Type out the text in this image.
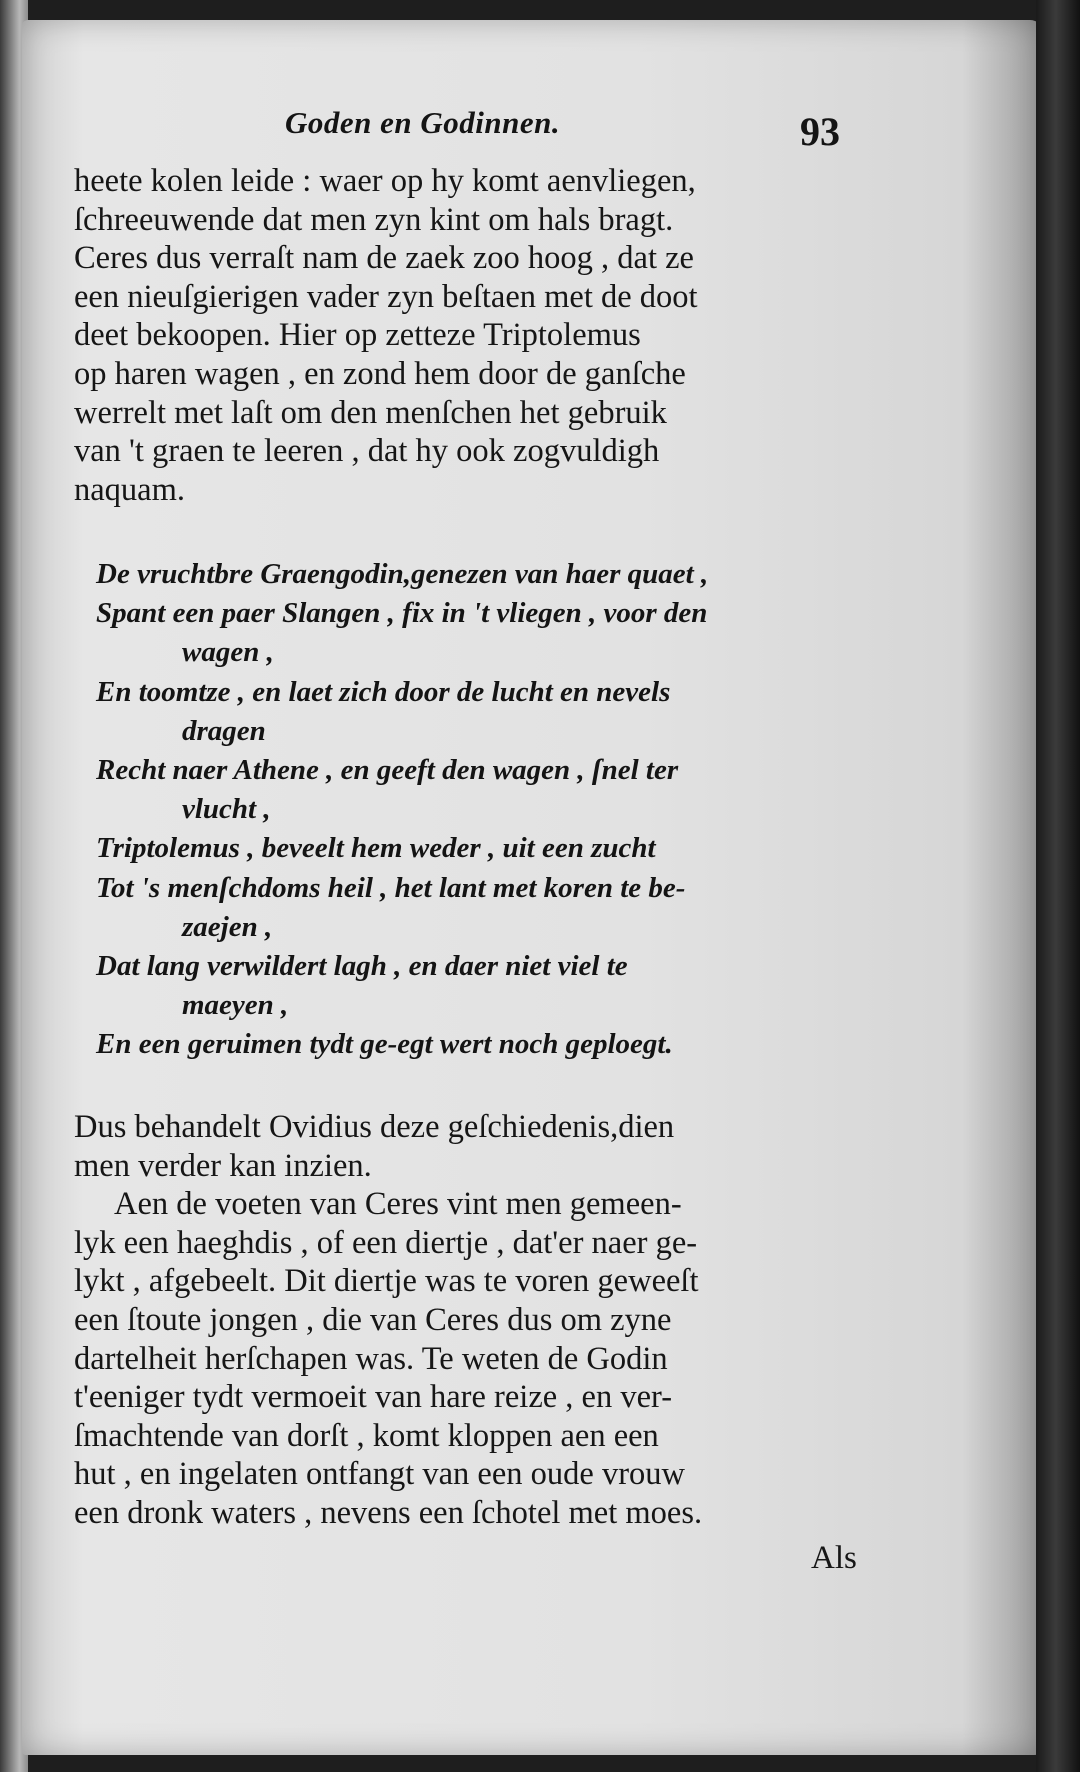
Goden en Godinnen.	93
heete kolen leide : waer op hy komt aenvliegen,
ſchreeuwende dat men zyn kint om hals bragt.
Ceres dus verraſt nam de zaek zoo hoog , dat ze
een nieuſgierigen vader zyn beſtaen met de doot
deet bekoopen. Hier op zetteze Triptolemus
op haren wagen , en zond hem door de ganſche
werrelt met laſt om den menſchen het gebruik
van 't graen te leeren , dat hy ook zogvuldigh
naquam.
De vruchtbre Graengodin,genezen van haer quaet ,
Spant een paer Slangen , fix in 't vliegen , voor den
wagen ,
En toomtze , en laet zich door de lucht en nevels
dragen
Recht naer Athene , en geeft den wagen , ſnel ter
vlucht ,
Triptolemus , beveelt hem weder , uit een zucht
Tot 's menſchdoms heil , het lant met koren te be-
zaejen ,
Dat lang verwildert lagh , en daer niet viel te
maeyen ,
En een geruimen tydt ge-egt wert noch geploegt.
Dus behandelt Ovidius deze geſchiedenis,dien
men verder kan inzien.
Aen de voeten van Ceres vint men gemeen-
lyk een haeghdis , of een diertje , dat'er naer ge-
lykt , afgebeelt. Dit diertje was te voren geweeſt
een ſtoute jongen , die van Ceres dus om zyne
dartelheit herſchapen was. Te weten de Godin
t'eeniger tydt vermoeit van hare reize , en ver-
ſmachtende van dorſt , komt kloppen aen een
hut , en ingelaten ontfangt van een oude vrouw
een dronk waters , nevens een ſchotel met moes.
Als
